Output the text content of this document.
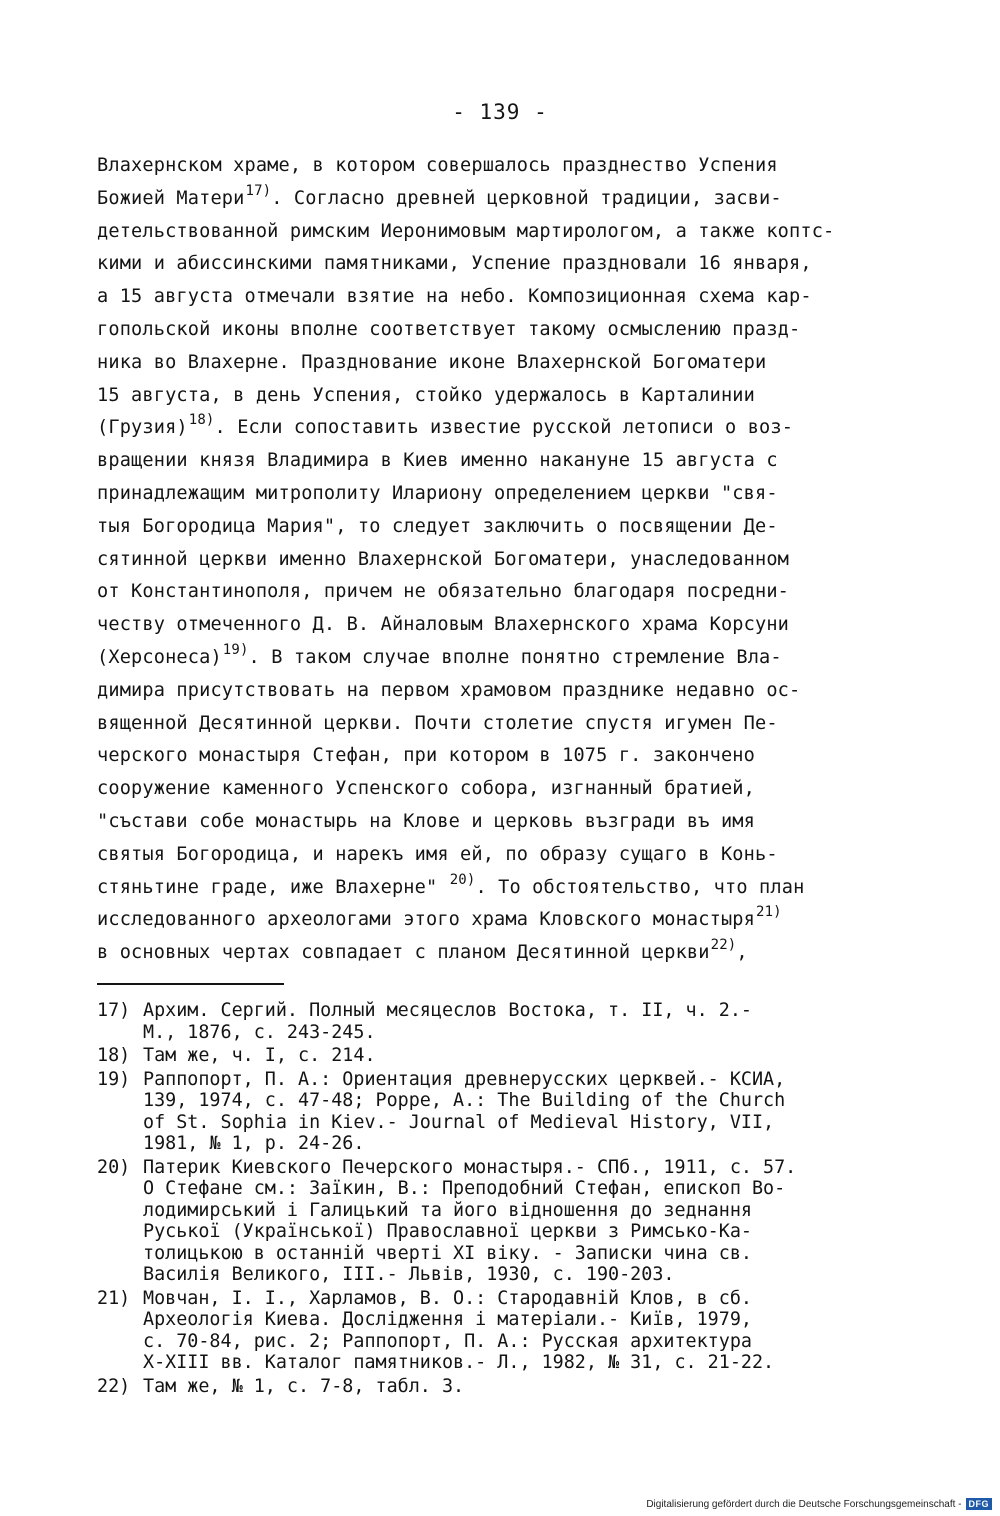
- 139 -
Влахернском храме, в котором совершалось празднество Успения
Божией Матери$^{17)}$. Согласно древней церковной традиции, засви-
детельствованной римским Иеронимовым мартирологом, а также коптс-
кими и абиссинскими памятниками, Успение праздновали 16 января,
а 15 августа отмечали взятие на небо. Композиционная схема кар-
гопольской иконы вполне соответствует такому осмыслению празд-
ника во Влахерне. Празднование иконе Влахернской Богоматери
15 августа, в день Успения, стойко удержалось в Карталинии
(Грузия)$^{18)}$. Если сопоставить известие русской летописи о воз-
вращении князя Владимира в Киев именно накануне 15 августа с
принадлежащим митрополиту Илариону определением церкви "свя-
тыя Богородица Мария", то следует заключить о посвящении Де-
сятинной церкви именно Влахернской Богоматери, унаследованном
от Константинополя, причем не обязательно благодаря посредни-
честву отмеченного Д. В. Айналовым Влахернского храма Корсуни
(Херсонеса)$^{19)}$. В таком случае вполне понятно стремление Вла-
димира присутствовать на первом храмовом празднике недавно ос-
вященной Десятинной церкви. Почти столетие спустя игумен Пе-
черского монастыря Стефан, при котором в 1075 г. закончено
сооружение каменного Успенского собора, изгнанный братией,
"състави собе монастырь на Клове и церковь възгради въ имя
святыя Богородица, и нарекъ имя ей, по образу сущаго в Конь-
стяньтине граде, иже Влахерне" $^{20)}$. То обстоятельство, что план
исследованного археологами этого храма Кловского монастыря$^{21)}$
в основных чертах совпадает с планом Десятинной церкви$^{22)}$,
17) Архим. Сергий. Полный месяцеслов Востока, т. II, ч. 2.-
М., 1876, с. 243-245.
18) Там же, ч. I, с. 214.
19) Раппопорт, П. А.: Ориентация древнерусских церквей.- КСИА,
139, 1974, с. 47-48; Poppe, A.: The Building of the Church
of St. Sophia in Kiev.- Journal of Medieval History, VII,
1981, № 1, p. 24-26.
20) Патерик Киевского Печерского монастыря.- СПб., 1911, с. 57.
О Стефане см.: Заїкин, В.: Преподобний Стефан, епископ Во-
лодимирський і Галицький та його відношення до зеднання
Руської (Української) Православної церкви з Римсько-Ка-
толицькою в останній чверті XI віку. - Записки чина св.
Василія Великого, III.- Львів, 1930, с. 190-203.
21) Мовчан, I. I., Харламов, В. О.: Стародавній Клов, в сб.
Археологія Киева. Дослідження і матеріали.- Київ, 1979,
с. 70-84, рис. 2; Раппопорт, П. А.: Русская архитектура
X-XIII вв. Каталог памятников.- Л., 1982, № 31, с. 21-22.
22) Там же, № 1, с. 7-8, табл. 3.
Digitalisierung gefördert durch die Deutsche Forschungsgemeinschaft - DFG
